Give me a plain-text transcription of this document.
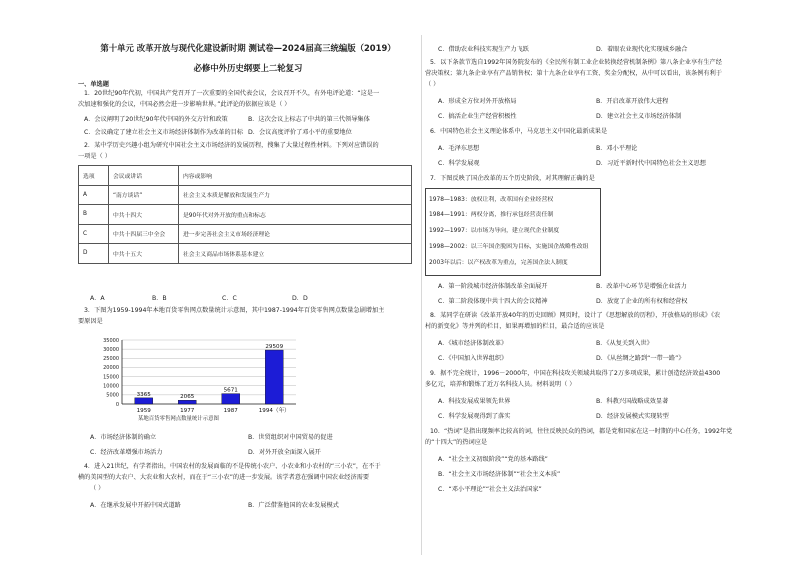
第十单元 改革开放与现代化建设新时期 测试卷—2024届高三统编版（2019）
必修中外历史纲要上二轮复习
一、单选题
1．20世纪90年代初，中国共产党召开了一次重要的全国代表会议，会议召开不久，有外电评论道：“这是一
次加速和强化的会议，中国必然会进一步影响世界。”此评论的依据应该是（ ）
A．会议阐明了20世纪90年代中国的外交方针和政策	B．这次会议上标志了中共的第三代领导集体
C．会议确定了建立社会主义市场经济体制作为改革的目标 D．会议高度评价了邓小平的重要地位
2．某中学历史兴趣小组为研究中国社会主义市场经济的发展历程，搜集了大量过程性材料。下列对应错误的
一项是（ ）
选项	会议或讲话	内容或影响
A	“南方谈话”	社会主义本质是解放和发展生产力
B	中共十四大	是90年代对外开放的重点和标志
C	中共十四届三中全会	进一步完善社会主义市场经济理论
D	中共十五大	社会主义商品市场体系基本建立
A．A	B．B	C．C	D．D
3．下图为1959-1994年本地百货零售网点数量统计示意图，其中1987-1994年百货零售网点数量急剧增加主
要原因是
35000
30000
25000
20000
15000
10000
5000
0
3365
1959
2065
1977
5671
1987
29509
1994（年）
某地百货零售网点数量统计示意图
A．市场经济体制的确立	B．世贸组织对中国贸易的促进
C．经济改革增强市场活力	D．对外开放全面深入展开
4．进入21世纪，有学者指出，中国农村的发展面临的不是传统小农户、小农业和小农村的“三小农”，在不于
横的美国型的大农户、大农业和大农村，而在于“三小农”的进一步发展。该学者意在强调中国农业经济需要
（ ）
A．在继承发展中开拓中国式道路	B．广泛借鉴他国的农业发展模式
C．借助农业科技实现生产力飞跃	D．着眼农业现代化实现城乡融合
5．以下条款节选自1992年国务院发布的《全民所有制工业企业转换经营机制条例》第八条企业享有生产经
营决策权；第九条企业享有产品销售权；第十九条企业享有工资、奖金分配权，从中可以看出，该条例有利于
（ ）
A．形成全方位对外开放格局	B．开启改革开放伟大进程
C．搞活企业生产经营积极性	D．建立社会主义市场经济体制
6．中国特色社会主义理论体系中，马克思主义中国化最新成果是
A．毛泽东思想	B．邓小平理论
C．科学发展观	D．习近平新时代中国特色社会主义思想
7．下图反映了国企改革的五个历史阶段，对其理解正确的是
1978—1983：放权让利，改革国有企业经营权
1984—1991：两权分离，推行承包经营责任制
1992—1997：以市场为导向，建立现代企业制度
1998—2002：以三年国企脱困为目标，实施国企战略性改组
2003年以后：以产权改革为重点，完善国企法人制度
A．第一阶段城市经济体制改革全面展开	B．改革中心环节是增强企业活力
C．第二阶段体现中共十四大的会议精神	D．放宽了企业的所有权和经营权
8．某同学在研读《改革开放40年的历史回顾》网页时，设计了《思想解放的历程》，开放格局的形成》《农
村的新变化》等并列的栏目，如果再增加的栏目，最合适的应该是
A．《城市经济体制改革》	B．《从复关到入世》
C．《中国加入世界组织》	D．《从丝绸之路到“一带一路”》
9．据不完全统计，1996－2000年，中国在科技攻关领域共取得了2万多项成果，累计创造经济效益4300
多亿元，培养和锻炼了近万名科技人员。材料说明（ ）
A．科技发展成果领先世界	B．科教兴国战略成效显著
C．科学发展观得到了落实	D．经济发展模式实现转型
10．“热词”是指出现频率比较高的词，往往反映民众的热词，都是党和国家在这一时期的中心任务，1992年党
的“十四大”的热词应是
A．“社会主义初级阶段”“党的基本路线”
B．“社会主义市场经济体制”“社会主义本质”
C．“邓小平理论”“社会主义法治国家”
